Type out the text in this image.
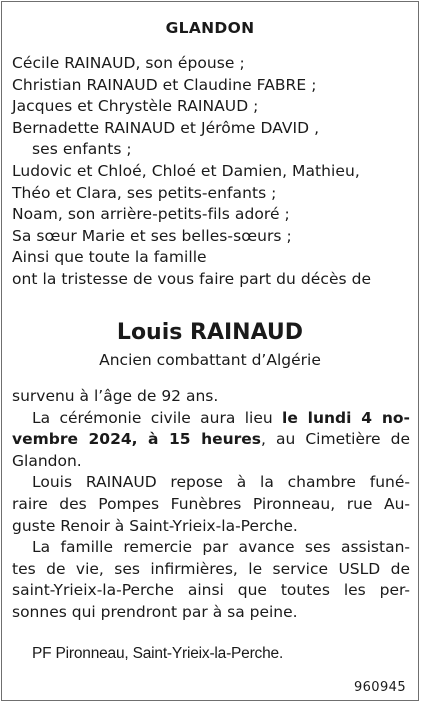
GLANDON
Cécile RAINAUD, son épouse ;
Christian RAINAUD et Claudine FABRE ;
Jacques et Chrystèle RAINAUD ;
Bernadette RAINAUD et Jérôme DAVID ,
ses enfants ;
Ludovic et Chloé, Chloé et Damien, Mathieu,
Théo et Clara, ses petits-enfants ;
Noam, son arrière-petits-fils adoré ;
Sa sœur Marie et ses belles-sœurs ;
Ainsi que toute la famille
ont la tristesse de vous faire part du décès de
Louis RAINAUD
Ancien combattant d’Algérie
survenu à l’âge de 92 ans.

La cérémonie civile aura lieu le lundi 4 no-
vembre 2024, à 15 heures, au Cimetière de
Glandon.

Louis RAINAUD repose à la chambre funé-
raire des Pompes Funèbres Pironneau, rue Au-
guste Renoir à Saint-Yrieix-la-Perche.

La famille remercie par avance ses assistan-
tes de vie, ses infirmières, le service USLD de
saint-Yrieix-la-Perche ainsi que toutes les per-
sonnes qui prendront par à sa peine.

PF Pironneau, Saint-Yrieix-la-Perche.
960945
